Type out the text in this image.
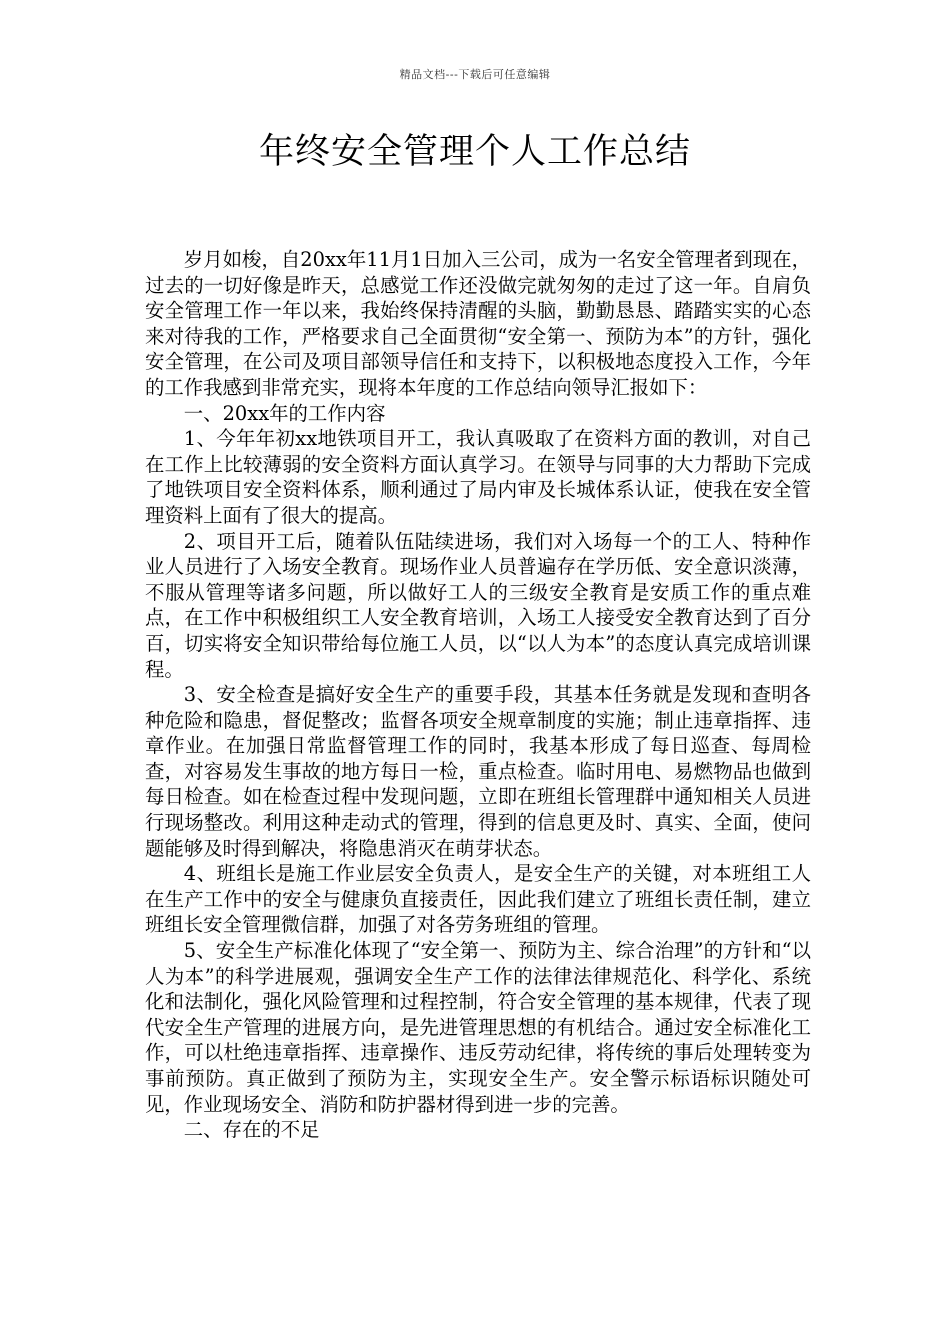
精品文档---下载后可任意编辑
年终安全管理个人工作总结

岁月如梭，自20xx年11月1日加入三公司，成为一名安全管理者到现在，过去的一切好像是昨天，总感觉工作还没做完就匆匆的走过了这一年。自肩负安全管理工作一年以来，我始终保持清醒的头脑，勤勤恳恳、踏踏实实的心态来对待我的工作，严格要求自己全面贯彻“安全第一、预防为本”的方针，强化安全管理，在公司及项目部领导信任和支持下，以积极地态度投入工作，今年的工作我感到非常充实，现将本年度的工作总结向领导汇报如下：

一、20xx年的工作内容

1、今年年初xx地铁项目开工，我认真吸取了在资料方面的教训，对自己在工作上比较薄弱的安全资料方面认真学习。在领导与同事的大力帮助下完成了地铁项目安全资料体系，顺利通过了局内审及长城体系认证，使我在安全管理资料上面有了很大的提高。

2、项目开工后，随着队伍陆续进场，我们对入场每一个的工人、特种作业人员进行了入场安全教育。现场作业人员普遍存在学历低、安全意识淡薄，不服从管理等诸多问题，所以做好工人的三级安全教育是安质工作的重点难点，在工作中积极组织工人安全教育培训，入场工人接受安全教育达到了百分百，切实将安全知识带给每位施工人员，以“以人为本”的态度认真完成培训课程。

3、安全检查是搞好安全生产的重要手段，其基本任务就是发现和查明各种危险和隐患，督促整改；监督各项安全规章制度的实施；制止违章指挥、违章作业。在加强日常监督管理工作的同时，我基本形成了每日巡查、每周检查，对容易发生事故的地方每日一检，重点检查。临时用电、易燃物品也做到每日检查。如在检查过程中发现问题，立即在班组长管理群中通知相关人员进行现场整改。利用这种走动式的管理，得到的信息更及时、真实、全面，使问题能够及时得到解决，将隐患消灭在萌芽状态。

4、班组长是施工作业层安全负责人，是安全生产的关键，对本班组工人在生产工作中的安全与健康负直接责任，因此我们建立了班组长责任制，建立班组长安全管理微信群，加强了对各劳务班组的管理。

5、安全生产标准化体现了“安全第一、预防为主、综合治理”的方针和“以人为本”的科学进展观，强调安全生产工作的法律法律规范化、科学化、系统化和法制化，强化风险管理和过程控制，符合安全管理的基本规律，代表了现代安全生产管理的进展方向，是先进管理思想的有机结合。通过安全标准化工作，可以杜绝违章指挥、违章操作、违反劳动纪律，将传统的事后处理转变为事前预防。真正做到了预防为主，实现安全生产。安全警示标语标识随处可见，作业现场安全、消防和防护器材得到进一步的完善。

二、存在的不足
